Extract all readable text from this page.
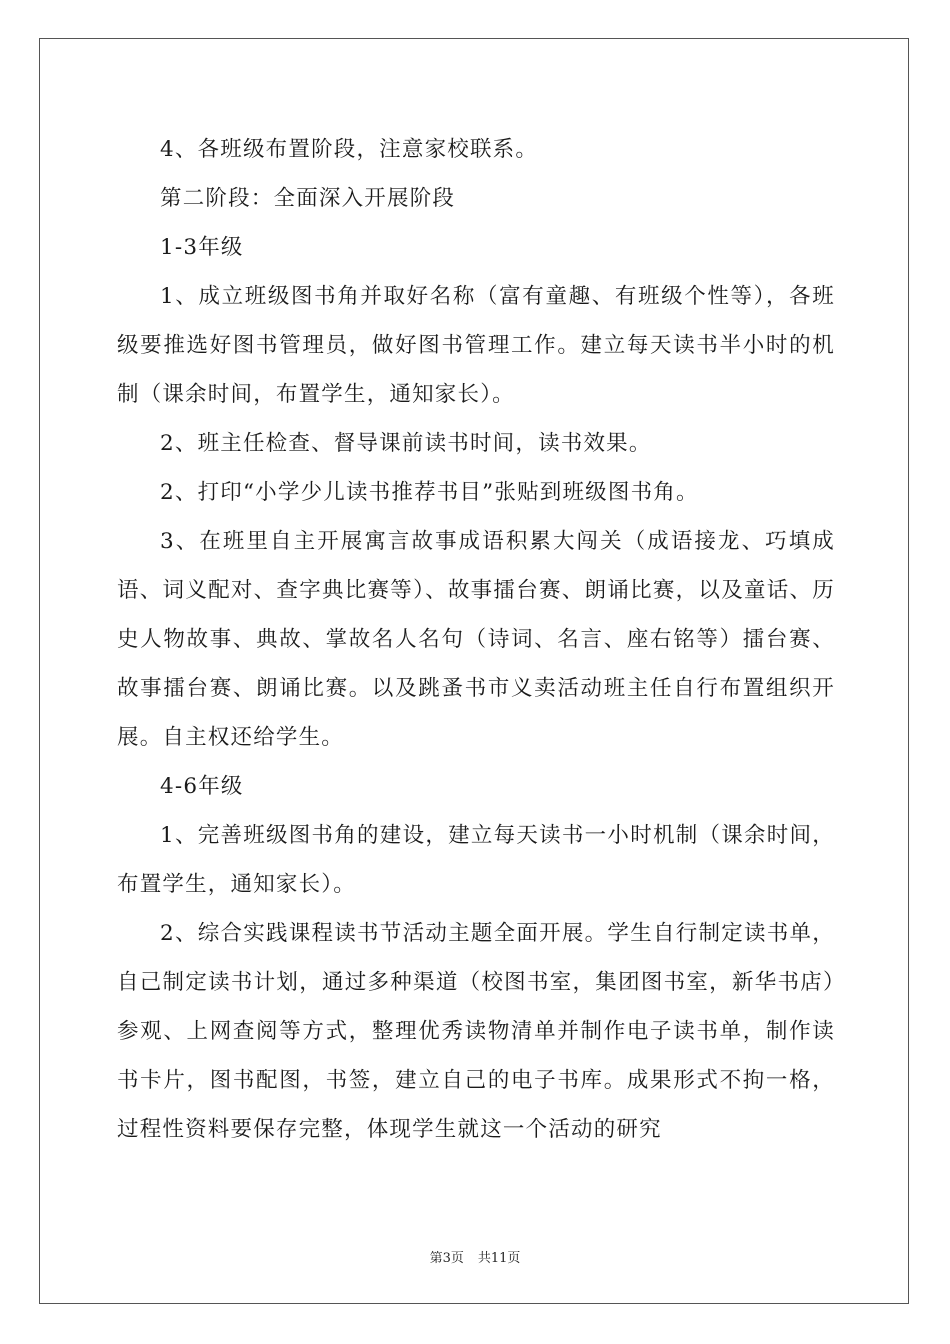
4、各班级布置阶段，注意家校联系。

第二阶段：全面深入开展阶段

1-3年级

1、成立班级图书角并取好名称（富有童趣、有班级个性等），各班级要推选好图书管理员，做好图书管理工作。建立每天读书半小时的机制（课余时间，布置学生，通知家长）。

2、班主任检查、督导课前读书时间，读书效果。

2、打印“小学少儿读书推荐书目”张贴到班级图书角。

3、在班里自主开展寓言故事成语积累大闯关（成语接龙、巧填成语、词义配对、查字典比赛等）、故事擂台赛、朗诵比赛，以及童话、历史人物故事、典故、掌故名人名句（诗词、名言、座右铭等）擂台赛、故事擂台赛、朗诵比赛。以及跳蚤书市义卖活动班主任自行布置组织开展。自主权还给学生。

4-6年级

1、完善班级图书角的建设，建立每天读书一小时机制（课余时间，布置学生，通知家长）。

2、综合实践课程读书节活动主题全面开展。学生自行制定读书单，自己制定读书计划，通过多种渠道（校图书室，集团图书室，新华书店）参观、上网查阅等方式，整理优秀读物清单并制作电子读书单，制作读书卡片，图书配图，书签，建立自己的电子书库。成果形式不拘一格，过程性资料要保存完整，体现学生就这一个活动的研究

第3页 共11页
